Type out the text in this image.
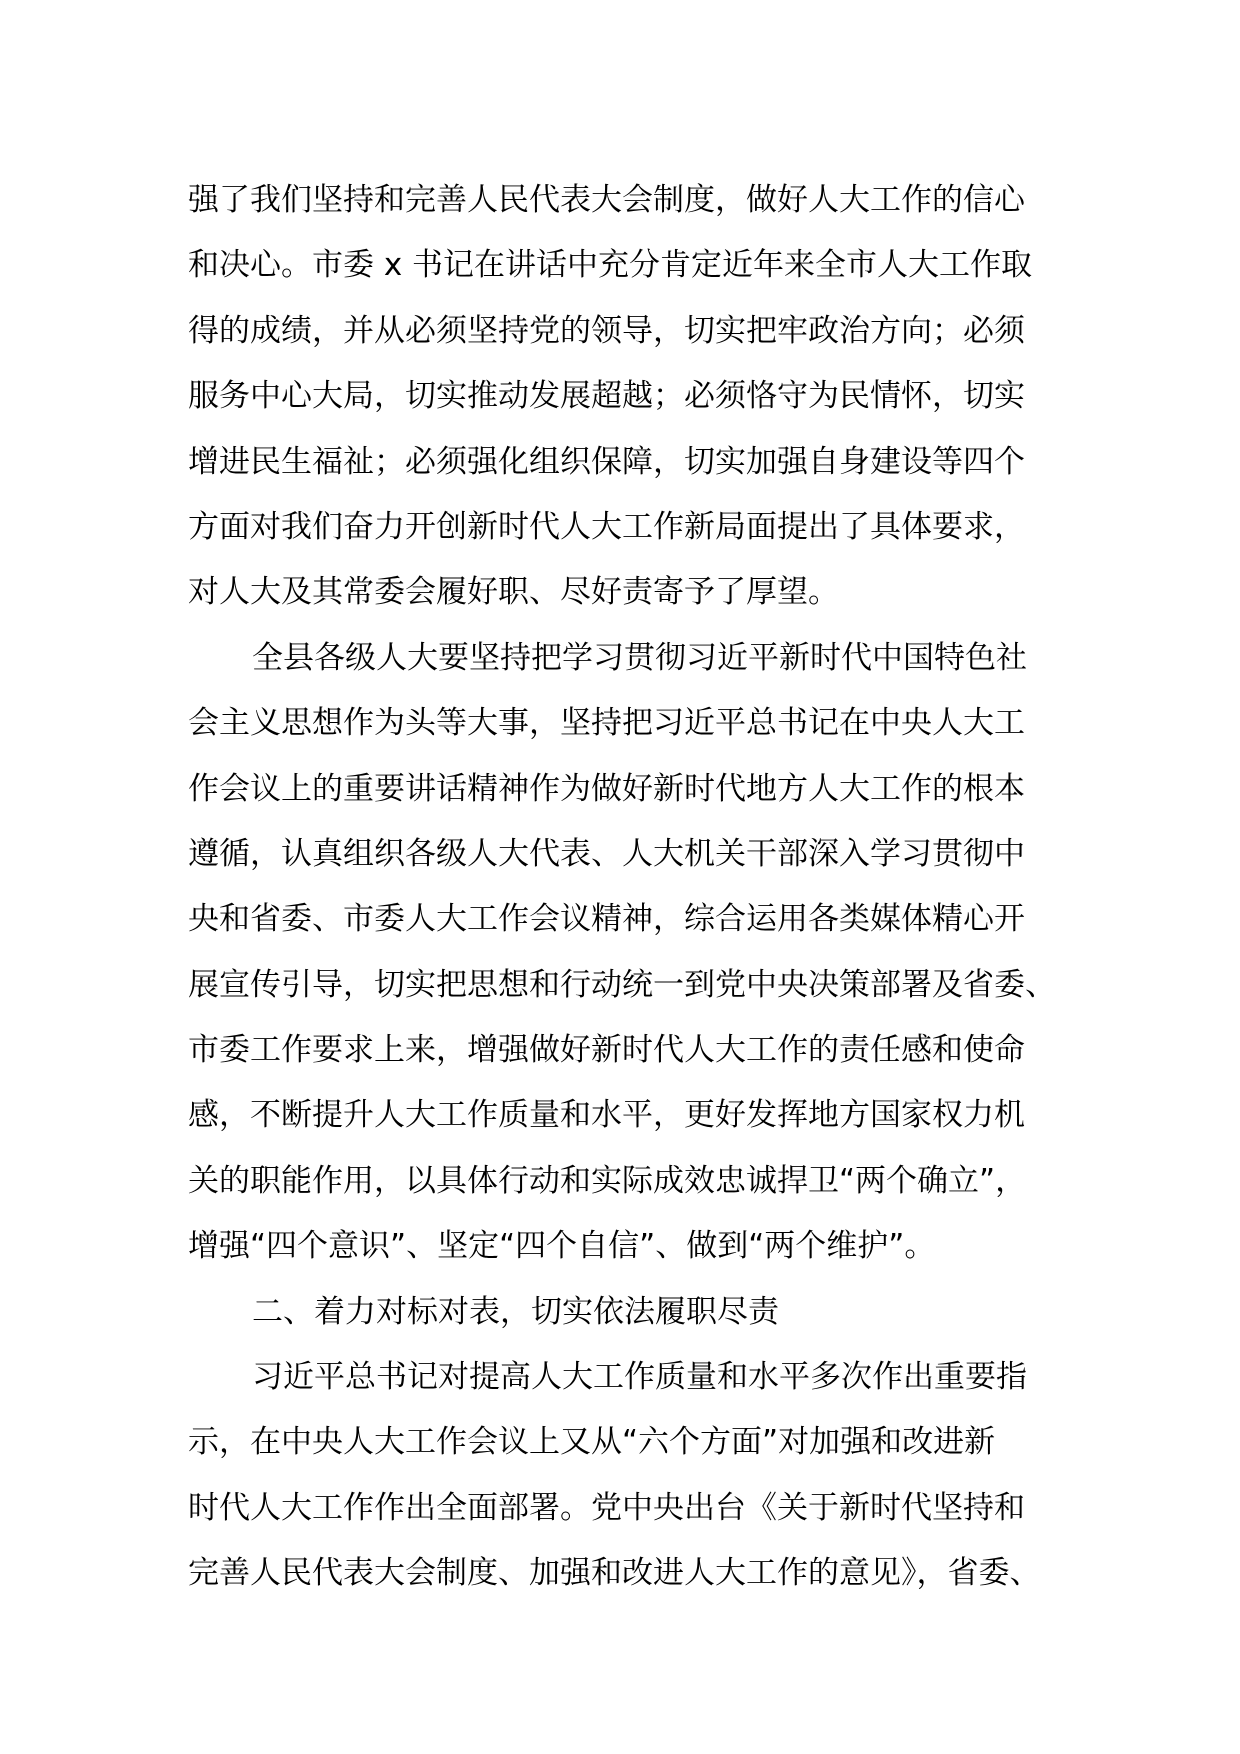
强了我们坚持和完善人民代表大会制度，做好人大工作的信心
和决心。市委 x 书记在讲话中充分肯定近年来全市人大工作取
得的成绩，并从必须坚持党的领导，切实把牢政治方向；必须
服务中心大局，切实推动发展超越；必须恪守为民情怀，切实
增进民生福祉；必须强化组织保障，切实加强自身建设等四个
方面对我们奋力开创新时代人大工作新局面提出了具体要求，
对人大及其常委会履好职、尽好责寄予了厚望。
全县各级人大要坚持把学习贯彻习近平新时代中国特色社
会主义思想作为头等大事，坚持把习近平总书记在中央人大工
作会议上的重要讲话精神作为做好新时代地方人大工作的根本
遵循，认真组织各级人大代表、人大机关干部深入学习贯彻中
央和省委、市委人大工作会议精神，综合运用各类媒体精心开
展宣传引导，切实把思想和行动统一到党中央决策部署及省委、
市委工作要求上来，增强做好新时代人大工作的责任感和使命
感，不断提升人大工作质量和水平，更好发挥地方国家权力机
关的职能作用，以具体行动和实际成效忠诚捍卫“两个确立”，
增强“四个意识”、坚定“四个自信”、做到“两个维护”。
二、着力对标对表，切实依法履职尽责
习近平总书记对提高人大工作质量和水平多次作出重要指
示，在中央人大工作会议上又从“六个方面”对加强和改进新
时代人大工作作出全面部署。党中央出台《关于新时代坚持和
完善人民代表大会制度、加强和改进人大工作的意见》，省委、
